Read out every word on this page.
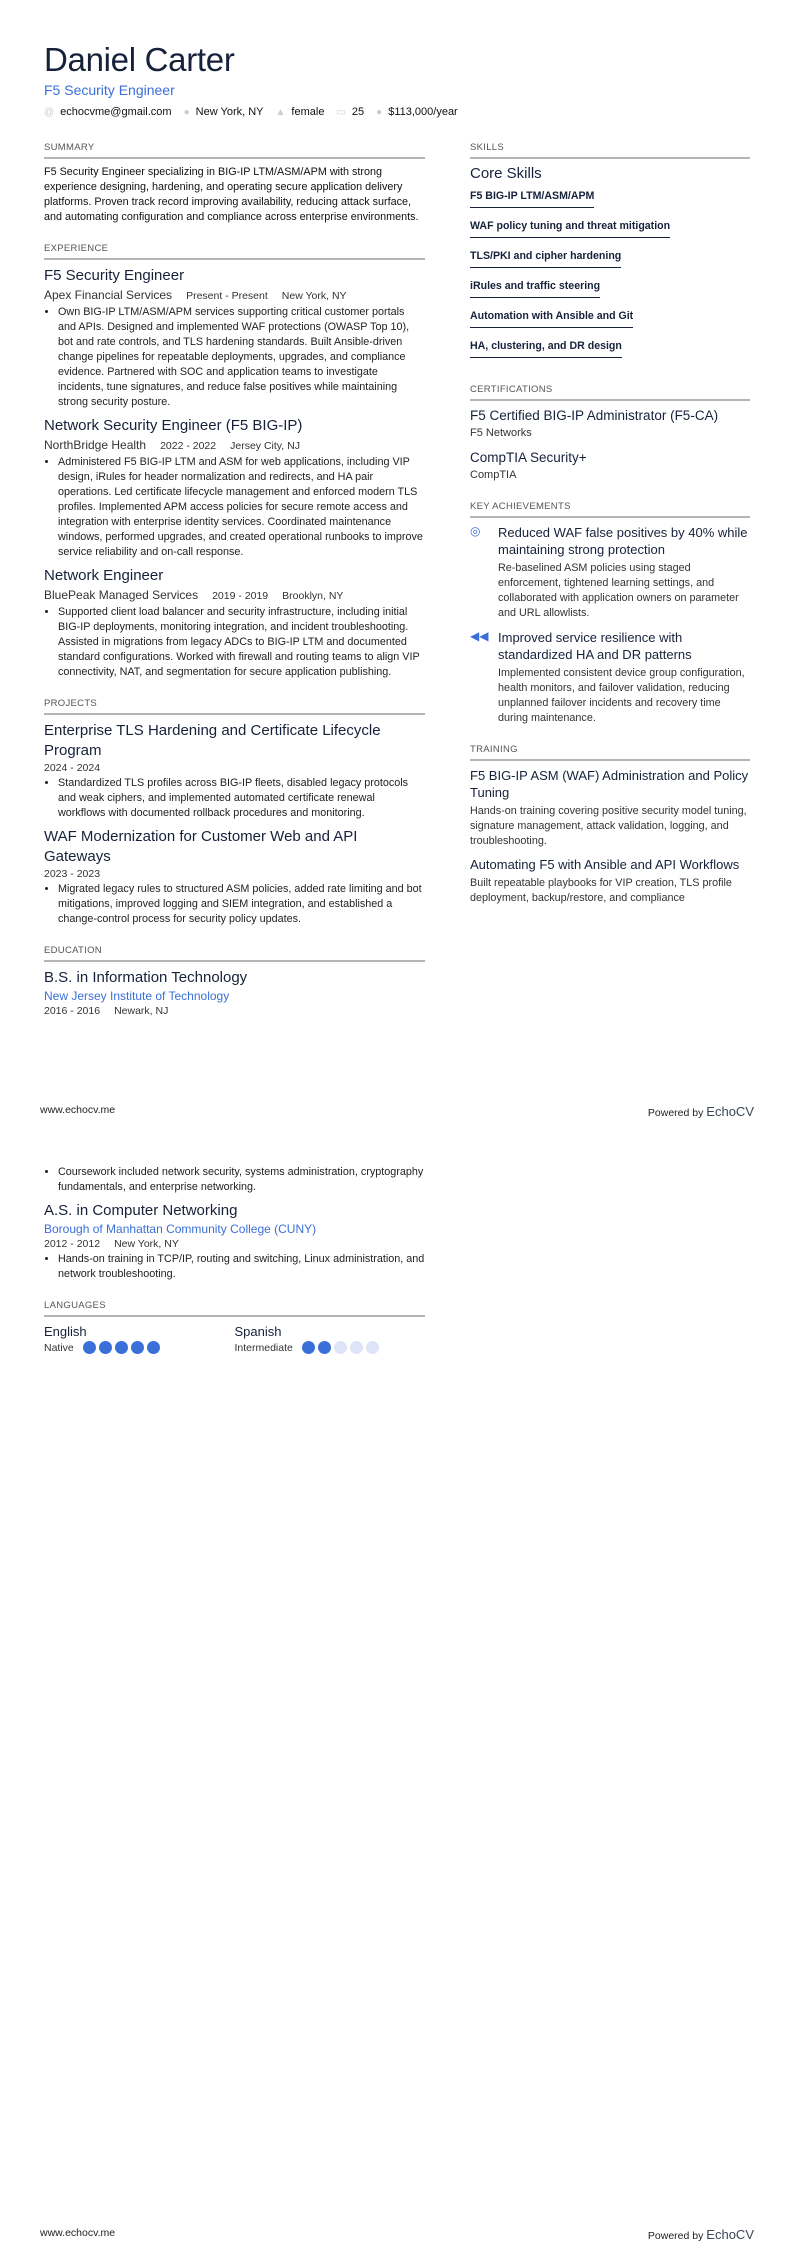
Daniel Carter
F5 Security Engineer
@ echocvme@gmail.com ● New York, NY ▲ female ▭ 25 ● $113,000/year
SUMMARY
F5 Security Engineer specializing in BIG-IP LTM/ASM/APM with strong experience designing, hardening, and operating secure application delivery platforms. Proven track record improving availability, reducing attack surface, and automating configuration and compliance across enterprise environments.
EXPERIENCE
F5 Security Engineer
Apex Financial Services Present - Present New York, NY
• Own BIG-IP LTM/ASM/APM services supporting critical customer portals and APIs. Designed and implemented WAF protections (OWASP Top 10), bot and rate controls, and TLS hardening standards. Built Ansible-driven change pipelines for repeatable deployments, upgrades, and compliance evidence. Partnered with SOC and application teams to investigate incidents, tune signatures, and reduce false positives while maintaining strong security posture.
Network Security Engineer (F5 BIG-IP)
NorthBridge Health 2022 - 2022 Jersey City, NJ
• Administered F5 BIG-IP LTM and ASM for web applications, including VIP design, iRules for header normalization and redirects, and HA pair operations. Led certificate lifecycle management and enforced modern TLS profiles. Implemented APM access policies for secure remote access and integration with enterprise identity services. Coordinated maintenance windows, performed upgrades, and created operational runbooks to improve service reliability and on-call response.
Network Engineer
BluePeak Managed Services 2019 - 2019 Brooklyn, NY
• Supported client load balancer and security infrastructure, including initial BIG-IP deployments, monitoring integration, and incident troubleshooting. Assisted in migrations from legacy ADCs to BIG-IP LTM and documented standard configurations. Worked with firewall and routing teams to align VIP connectivity, NAT, and segmentation for secure application publishing.
PROJECTS
Enterprise TLS Hardening and Certificate Lifecycle Program
2024 - 2024
• Standardized TLS profiles across BIG-IP fleets, disabled legacy protocols and weak ciphers, and implemented automated certificate renewal workflows with documented rollback procedures and monitoring.
WAF Modernization for Customer Web and API Gateways
2023 - 2023
• Migrated legacy rules to structured ASM policies, added rate limiting and bot mitigations, improved logging and SIEM integration, and established a change-control process for security policy updates.
EDUCATION
B.S. in Information Technology
New Jersey Institute of Technology
2016 - 2016 Newark, NJ
SKILLS
Core Skills
F5 BIG-IP LTM/ASM/APM
WAF policy tuning and threat mitigation
TLS/PKI and cipher hardening
iRules and traffic steering
Automation with Ansible and Git
HA, clustering, and DR design
CERTIFICATIONS
F5 Certified BIG-IP Administrator (F5-CA)
F5 Networks
CompTIA Security+
CompTIA
KEY ACHIEVEMENTS
◎	Reduced WAF false positives by 40% while maintaining strong protection
Re-baselined ASM policies using staged enforcement, tightened learning settings, and collaborated with application owners on parameter and URL allowlists.
◀◀ Improved service resilience with standardized HA and DR patterns
Implemented consistent device group configuration, health monitors, and failover validation, reducing unplanned failover incidents and recovery time during maintenance.
TRAINING
F5 BIG-IP ASM (WAF) Administration and Policy Tuning
Hands-on training covering positive security model tuning, signature management, attack validation, logging, and troubleshooting.
Automating F5 with Ansible and API Workflows
Built repeatable playbooks for VIP creation, TLS profile deployment, backup/restore, and compliance
www.echocv.me	Powered by EchoCV
• Coursework included network security, systems administration, cryptography fundamentals, and enterprise networking.
A.S. in Computer Networking
Borough of Manhattan Community College (CUNY)
2012 - 2012 New York, NY
• Hands-on training in TCP/IP, routing and switching, Linux administration, and network troubleshooting.
LANGUAGES
English
Native
Spanish
Intermediate
www.echocv.me	Powered by EchoCV
